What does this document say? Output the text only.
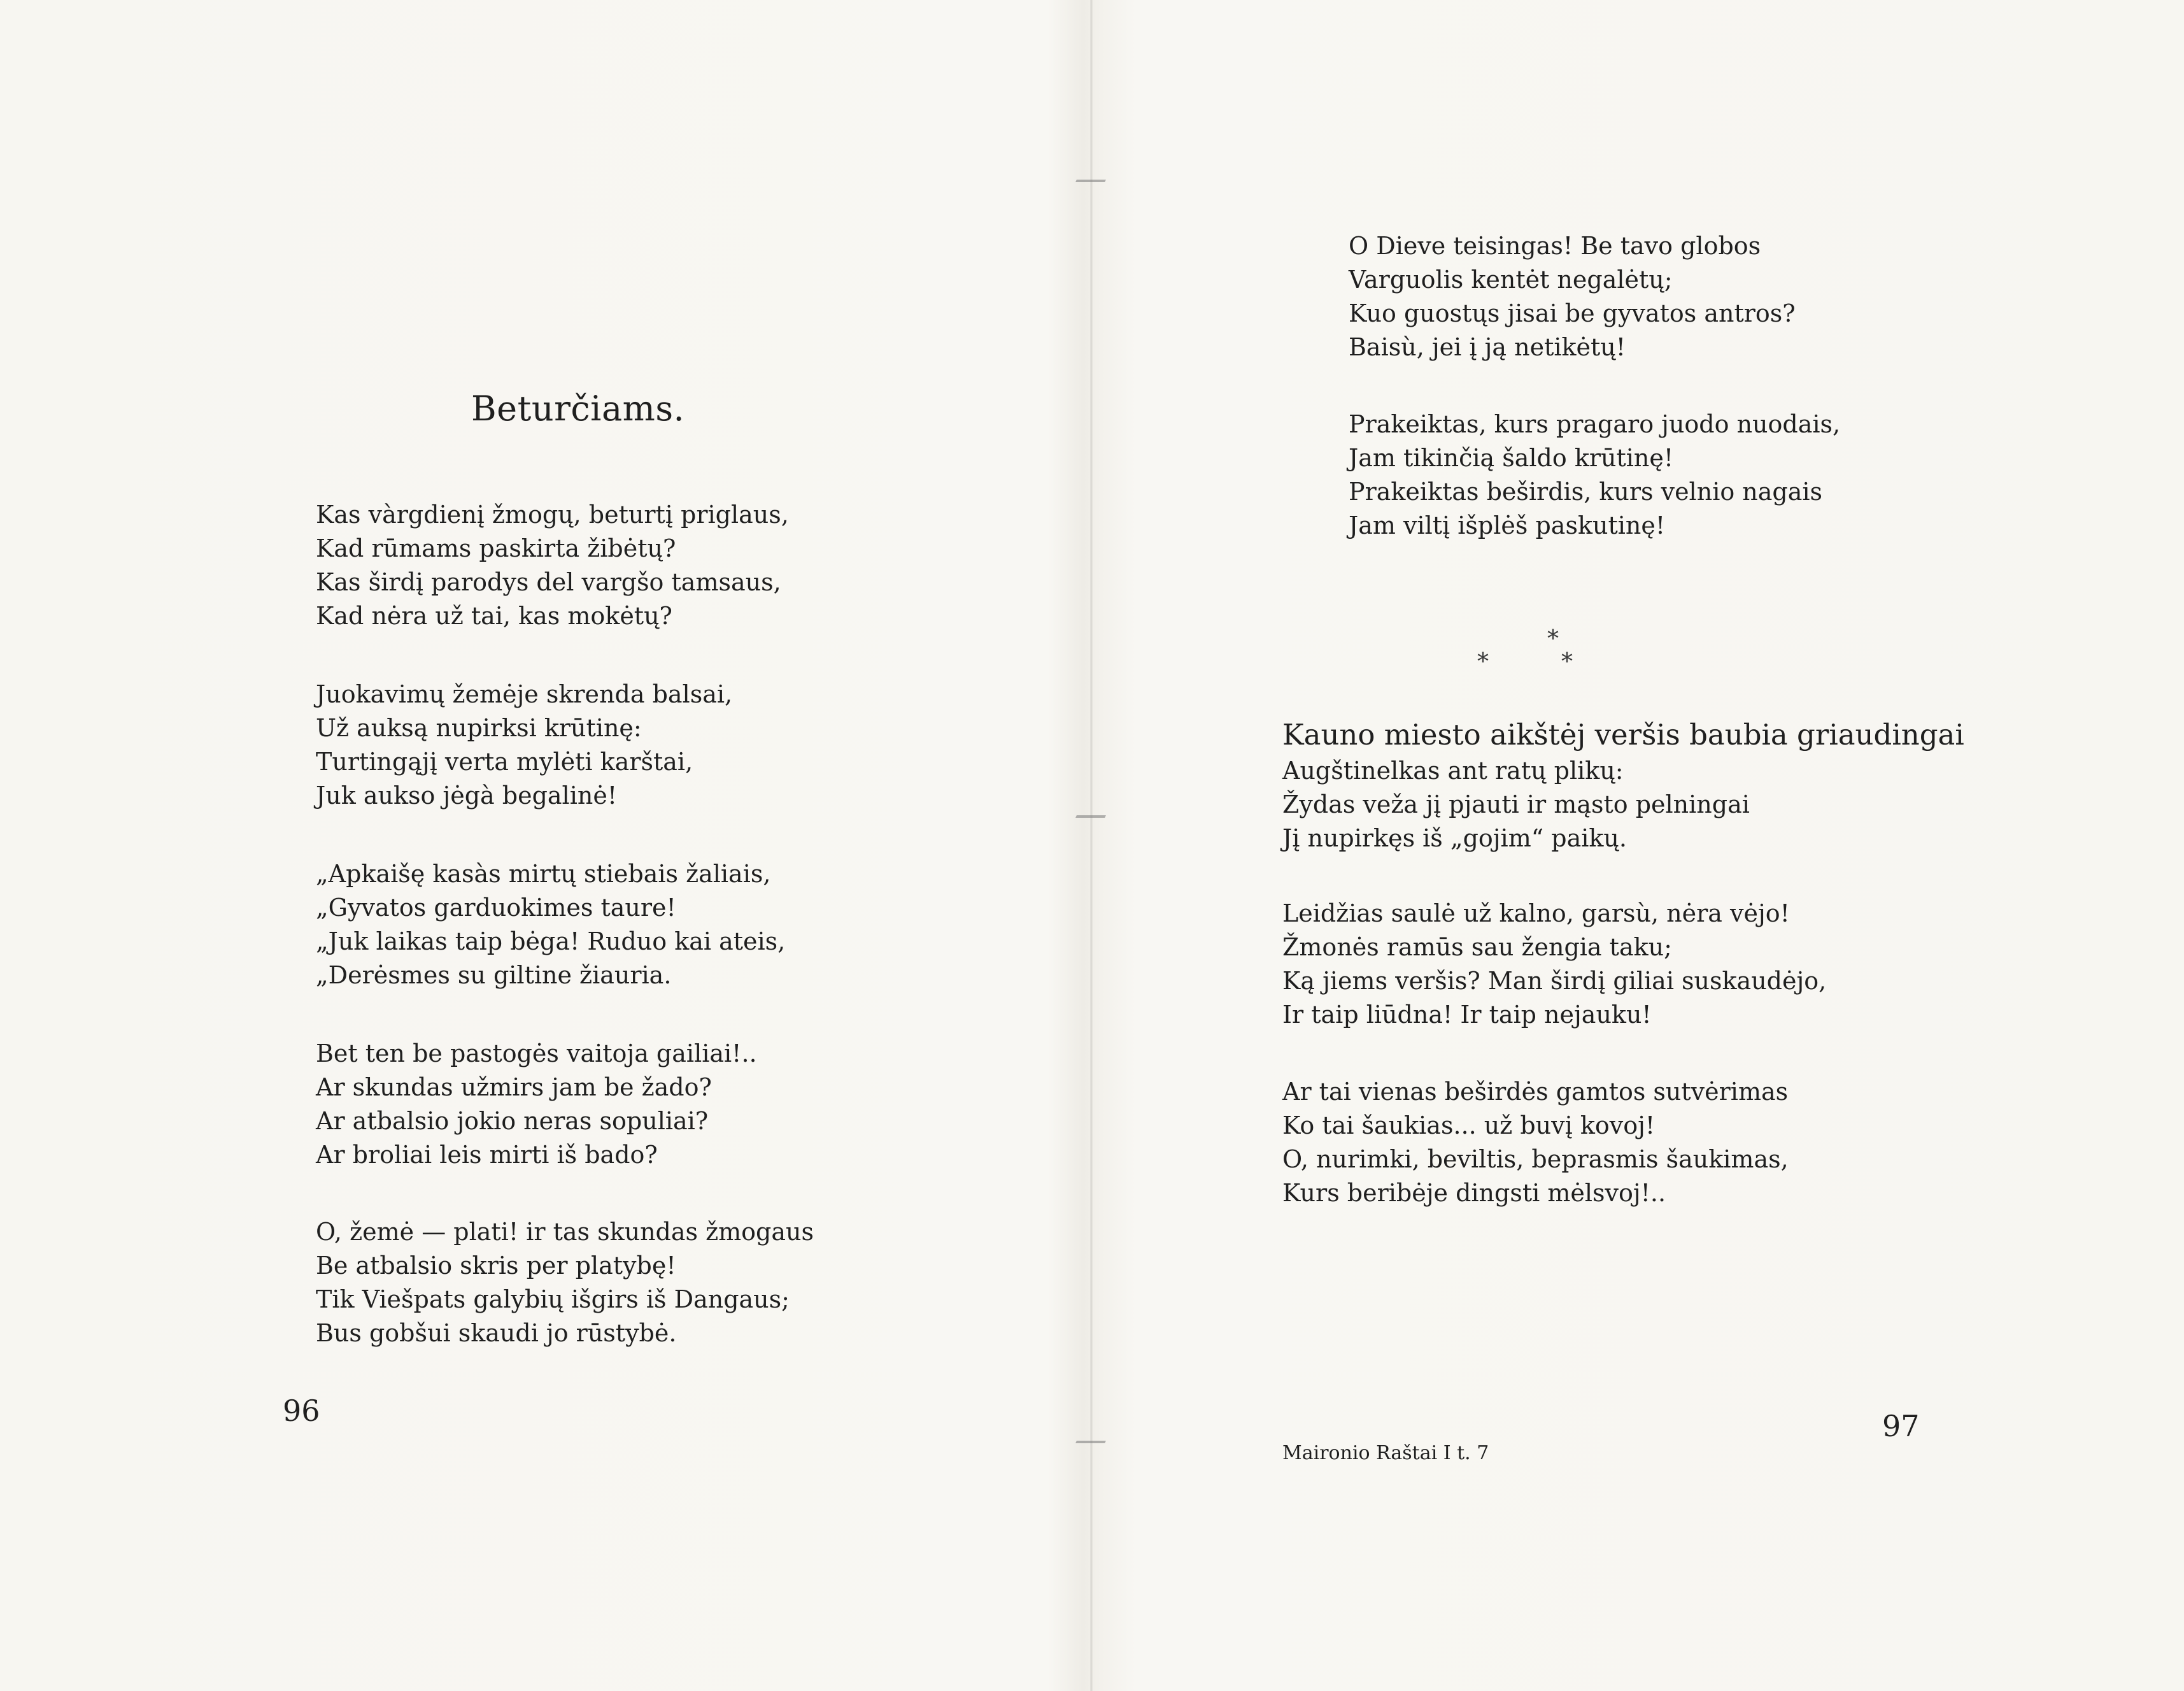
Beturčiams.
Kas vàrgdienį žmogų, beturtį priglaus,
Kad rūmams paskirta žibėtų?
Kas širdį parodys del vargšo tamsaus,
Kad nėra už tai, kas mokėtų?
Juokavimų žemėje skrenda balsai,
Už auksą nupirksi krūtinę:
Turtingąjį verta mylėti karštai,
Juk aukso jėgà begalinė!
„Apkaišę kasàs mirtų stiebais žaliais,
„Gyvatos garduokimes taure!
„Juk laikas taip bėga! Ruduo kai ateis,
„Derėsmes su giltine žiauria.
Bet ten be pastogės vaitoja gailiai!..
Ar skundas užmirs jam be žado?
Ar atbalsio jokio neras sopuliai?
Ar broliai leis mirti iš bado?
O, žemė — plati! ir tas skundas žmogaus
Be atbalsio skris per platybę!
Tik Viešpats galybių išgirs iš Dangaus;
Bus gobšui skaudi jo rūstybė.
96
O Dieve teisingas! Be tavo globos
Varguolis kentėt negalėtų;
Kuo guostųs jisai be gyvatos antros?
Baisù, jei į ją netikėtų!
Prakeiktas, kurs pragaro juodo nuodais,
Jam tikinčią šaldo krūtinę!
Prakeiktas beširdis, kurs velnio nagais
Jam viltį išplėš paskutinę!
*
*	*
Kauno miesto aikštėj veršis baubia griaudingai
Augštinelkas ant ratų plikų:
Žydas veža jį pjauti ir mąsto pelningai
Jį nupirkęs iš „gojim“ paikų.
Leidžias saulė už kalno, garsù, nėra vėjo!
Žmonės ramūs sau žengia taku;
Ką jiems veršis? Man širdį giliai suskaudėjo,
Ir taip liūdna! Ir taip nejauku!
Ar tai vienas beširdės gamtos sutvėrimas
Ko tai šaukias... už buvį kovoj!
O, nurimki, beviltis, beprasmis šaukimas,
Kurs beribėje dingsti mėlsvoj!..
Maironio Raštai I t. 7
97
